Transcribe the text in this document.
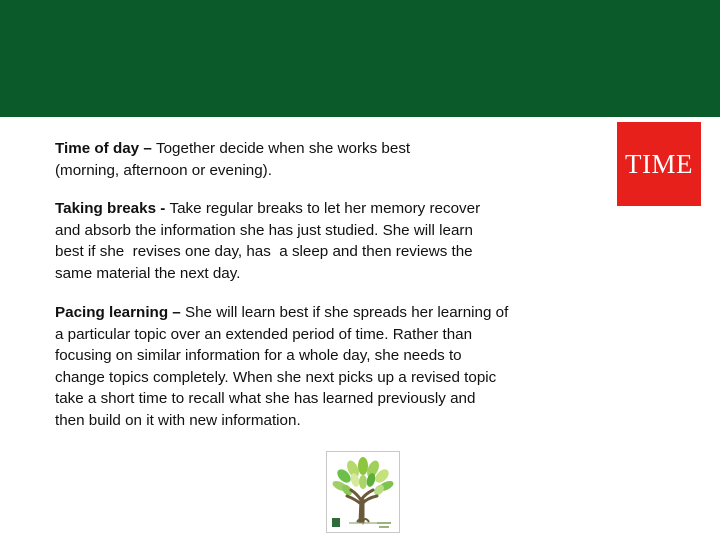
Time of day – Together decide when she works best
(morning, afternoon or evening).

Taking breaks - Take regular breaks to let her memory recover
and absorb the information she has just studied. She will learn
best if she  revises one day, has  a sleep and then reviews the
same material the next day.

Pacing learning – She will learn best if she spreads her learning of
a particular topic over an extended period of time. Rather than
focusing on similar information for a whole day, she needs to
change topics completely. When she next picks up a revised topic
take a short time to recall what she has learned previously and
then build on it with new information.

TIME
